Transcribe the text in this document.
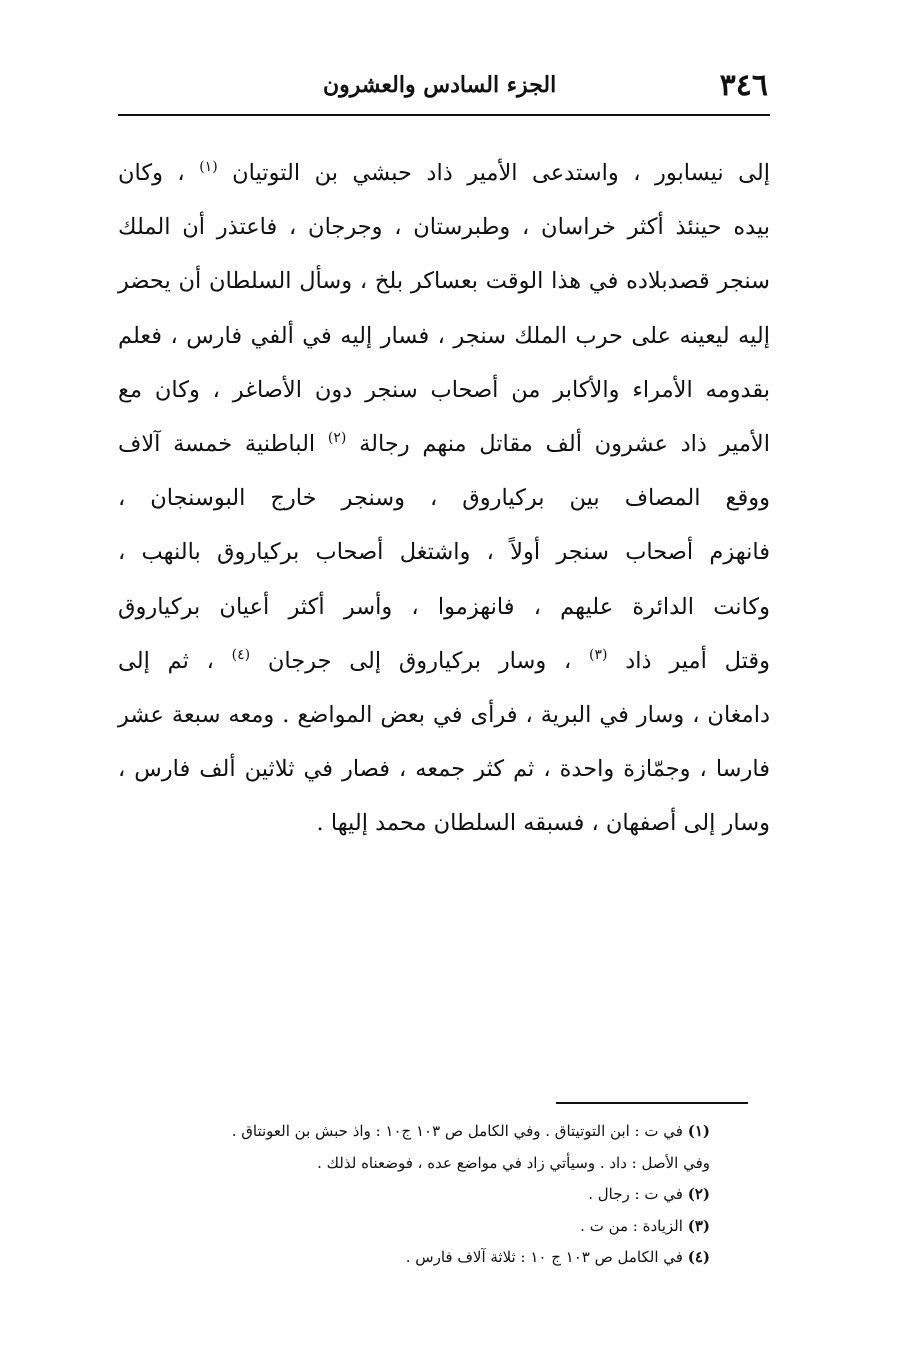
٣٤٦
الجزء السادس والعشرون
إلى نيسابور ، واستدعى الأمير ذاد حبشي بن التوتيان $^{(١)}$ ، وكان
بيده حينئذ أكثر خراسان ، وطبرستان ، وجرجان ، فاعتذر أن الملك
سنجر قصدبلاده في هذا الوقت بعساكر بلخ ، وسأل السلطان أن يحضر
إليه ليعينه على حرب الملك سنجر ، فسار إليه في ألفي فارس ، فعلم
بقدومه الأمراء والأكابر من أصحاب سنجر دون الأصاغر ، وكان مع
الأمير ذاد عشرون ألف مقاتل منهم رجالة $^{(٢)}$ الباطنية خمسة آلاف
ووقع المصاف بين بركياروق ، وسنجر خارج البوسنجان ،
فانهزم أصحاب سنجر أولاً ، واشتغل أصحاب بركياروق بالنهب ،
وكانت الدائرة عليهم ، فانهزموا ، وأسر أكثر أعيان بركياروق
وقتل أمير ذاد $^{(٣)}$ ، وسار بركياروق إلى جرجان $^{(٤)}$ ، ثم إلى
دامغان ، وسار في البرية ، فرأى في بعض المواضع . ومعه سبعة عشر
فارسا ، وجمّازة واحدة ، ثم كثر جمعه ، فصار في ثلاثين ألف فارس ،
وسار إلى أصفهان ، فسبقه السلطان محمد إليها .
(١) في ت : ابن التوتيتاق . وفي الكامل ص ١٠٣ ج١٠ : واذ حبش بن العونتاق .
وفي الأصل : داد . وسيأتي زاد في مواضع عده ، فوضعناه لذلك .
(٢) في ت : رجال .
(٣) الزيادة : من ت .
(٤) في الكامل ص ١٠٣ ج ١٠ : ثلاثة آلاف فارس .
